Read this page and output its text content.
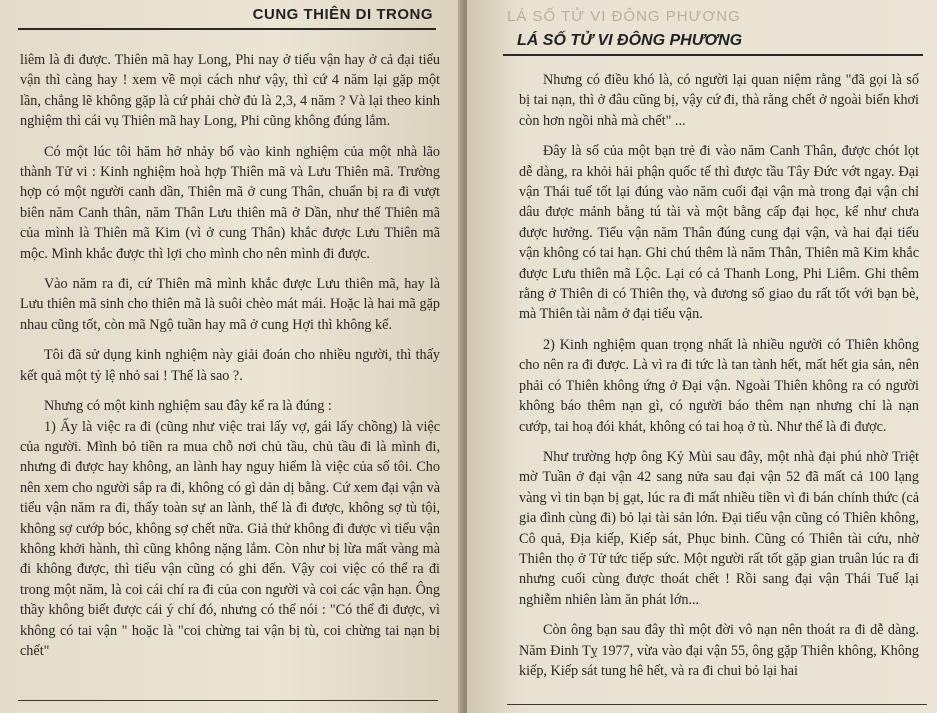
CUNG THIÊN DI TRONG

liêm là đi được. Thiên mã hay Long, Phi nay ở tiểu vận hay ở cả đại tiểu vận thì càng hay ! xem về mọi cách như vậy, thì cứ 4 năm lại gặp một lần, chẳng lẽ không gặp là cứ phải chờ đủ là 2,3, 4 năm ? Và lại theo kinh nghiệm thì cái vụ Thiên mã hay Long, Phi cũng không đúng lắm.

Có một lúc tôi hăm hở nhảy bổ vào kinh nghiệm của một nhà lão thành Tử vi : Kinh nghiệm hoà hợp Thiên mã và Lưu Thiên mã. Trường hợp có một người canh dần, Thiên mã ở cung Thân, chuẩn bị ra đi vượt biên năm Canh thân, năm Thân Lưu thiên mã ở Dần, như thế Thiên mã của mình là Thiên mã Kim (vì ở cung Thân) khắc được Lưu Thiên mã mộc. Mình khắc được thì lợi cho mình cho nên mình đi được.

Vào năm ra đi, cứ Thiên mã mình khắc được Lưu thiên mã, hay là Lưu thiên mã sinh cho thiên mã là suôi chèo mát mái. Hoặc là hai mã gặp nhau cũng tốt, còn mã Ngộ tuần hay mã ở cung Hợi thì không kể.

Tôi đã sử dụng kinh nghiệm này giải đoán cho nhiều người, thì thấy kết quả một tỷ lệ nhỏ sai ! Thế là sao ?.

Nhưng có một kinh nghiệm sau đây kể ra là đúng :

1) Ấy là việc ra đi (cũng như việc trai lấy vợ, gái lấy chồng) là việc của người. Mình bỏ tiền ra mua chỗ nơi chủ tầu, chủ tầu đi là mình đi, nhưng đi được hay không, an lành hay nguy hiểm là việc của số tôi. Cho nên xem cho người sắp ra đi, không có gì dản dị bằng. Cứ xem đại vận và tiểu vận năm ra đi, thấy toàn sự an lành, thế là đi được, không sợ tù tội, không sợ cướp bóc, không sợ chết nữa. Giả thử không đi được vì tiểu vận không khởi hành, thì cũng không nặng lắm. Còn như bị lừa mất vàng mà đi không được, thì tiểu vận cũng có ghi đến. Vậy coi việc có thể ra đi trong một năm, là coi cái chí ra đi của con người và coi các vận hạn. Ông thầy không biết được cái ý chí đó, nhưng có thể nói : "Có thể đi được, vì không có tai vận " hoặc là "coi chừng tai vận bị tù, coi chừng tai nạn bị chết"

LÁ SỐ TỬ VI ĐÔNG PHƯƠNG
LÁ SỐ TỬ VI ĐÔNG PHƯƠNG

Nhưng có điều khó là, có người lại quan niệm rằng "đã gọi là số bị tai nạn, thì ở đâu cũng bị, vậy cứ đi, thà rằng chết ở ngoài biển khơi còn hơn ngồi nhà mà chết" ...

Đây là số của một bạn trẻ đi vào năm Canh Thân, được chót lọt dễ dàng, ra khỏi hải phận quốc tế thì được tầu Tây Đức vớt ngay. Đại vận Thái tuế tốt lại đúng vào năm cuối đại vận mà trong đại vận chỉ dâu được mảnh bằng tú tài và một bằng cấp đại học, kể như chưa được hưởng. Tiểu vận năm Thân đúng cung đại vận, và hai đại tiểu vận không có tai hạn. Ghi chú thêm là năm Thân, Thiên mã Kim khắc được Lưu thiên mã Lộc. Lại có cả Thanh Long, Phi Liêm. Ghi thêm rằng ở Thiên di có Thiên thọ, và đương số giao du rất tốt với bạn bè, mà Thiên tài nằm ở đại tiểu vận.

2) Kinh nghiệm quan trọng nhất là nhiều người có Thiên không cho nên ra đi được. Là vì ra đi tức là tan tành hết, mất hết gia sản, nên phải có Thiên không ứng ở Đại vận. Ngoài Thiên không ra có người không báo thêm nạn gì, có người báo thêm nạn nhưng chỉ là nạn cướp, tai hoạ đói khát, không có tai hoạ ở tù. Như thế là đi được.

Như trường hợp ông Kỷ Mùi sau đây, một nhà đại phú nhờ Triệt mờ Tuần ở đại vận 42 sang nửa sau đại vận 52 đã mất cả 100 lạng vàng vì tin bạn bị gạt, lúc ra đi mất nhiều tiền vì đi bán chính thức (cả gia đình cùng đi) bỏ lại tài sản lớn. Đại tiểu vận cũng có Thiên không, Cô quả, Địa kiếp, Kiếp sát, Phục binh. Cũng có Thiên tài cứu, nhờ Thiên thọ ở Tử tức tiếp sức. Một người rất tốt gặp gian truân lúc ra đi nhưng cuối cùng được thoát chết ! Rồi sang đại vận Thái Tuế lại nghiễm nhiên làm ăn phát lớn...

Còn ông bạn sau đây thì một đời vô nạn nên thoát ra đi dễ dàng. Năm Đinh Tỵ 1977, vừa vào đại vận 55, ông gặp Thiên không, Không kiếp, Kiếp sát tung hê hết, và ra đi chui bỏ lại hai
